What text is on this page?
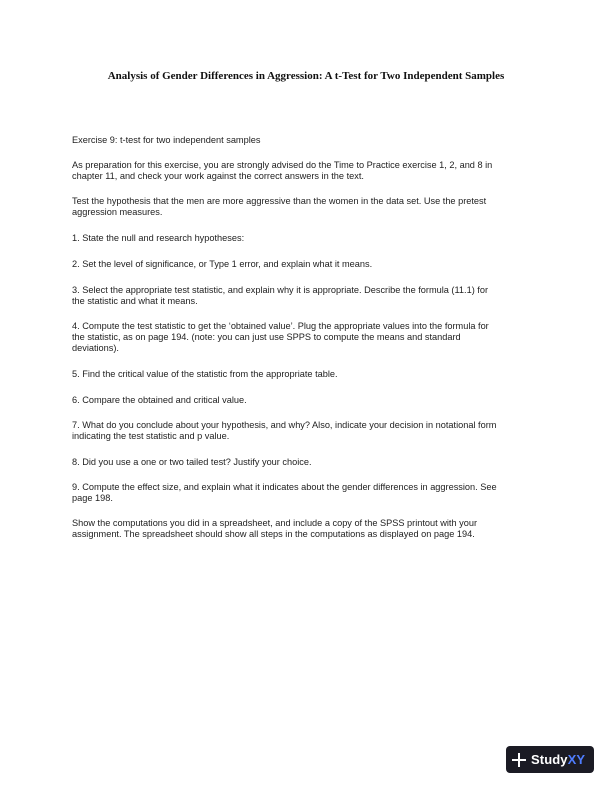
Analysis of Gender Differences in Aggression: A t-Test for Two Independent Samples

Exercise 9: t-test for two independent samples

As preparation for this exercise, you are strongly advised do the Time to Practice exercise 1, 2, and 8 in
chapter 11, and check your work against the correct answers in the text.

Test the hypothesis that the men are more aggressive than the women in the data set. Use the pretest
aggression measures.

1. State the null and research hypotheses:

2. Set the level of significance, or Type 1 error, and explain what it means.

3. Select the appropriate test statistic, and explain why it is appropriate. Describe the formula (11.1) for
the statistic and what it means.

4. Compute the test statistic to get the ‘obtained value’. Plug the appropriate values into the formula for
the statistic, as on page 194. (note: you can just use SPPS to compute the means and standard
deviations).

5. Find the critical value of the statistic from the appropriate table.

6. Compare the obtained and critical value.

7. What do you conclude about your hypothesis, and why? Also, indicate your decision in notational form
indicating the test statistic and p value.

8. Did you use a one or two tailed test? Justify your choice.

9. Compute the effect size, and explain what it indicates about the gender differences in aggression. See
page 198.

Show the computations you did in a spreadsheet, and include a copy of the SPSS printout with your
assignment. The spreadsheet should show all steps in the computations as displayed on page 194.

StudyXY
